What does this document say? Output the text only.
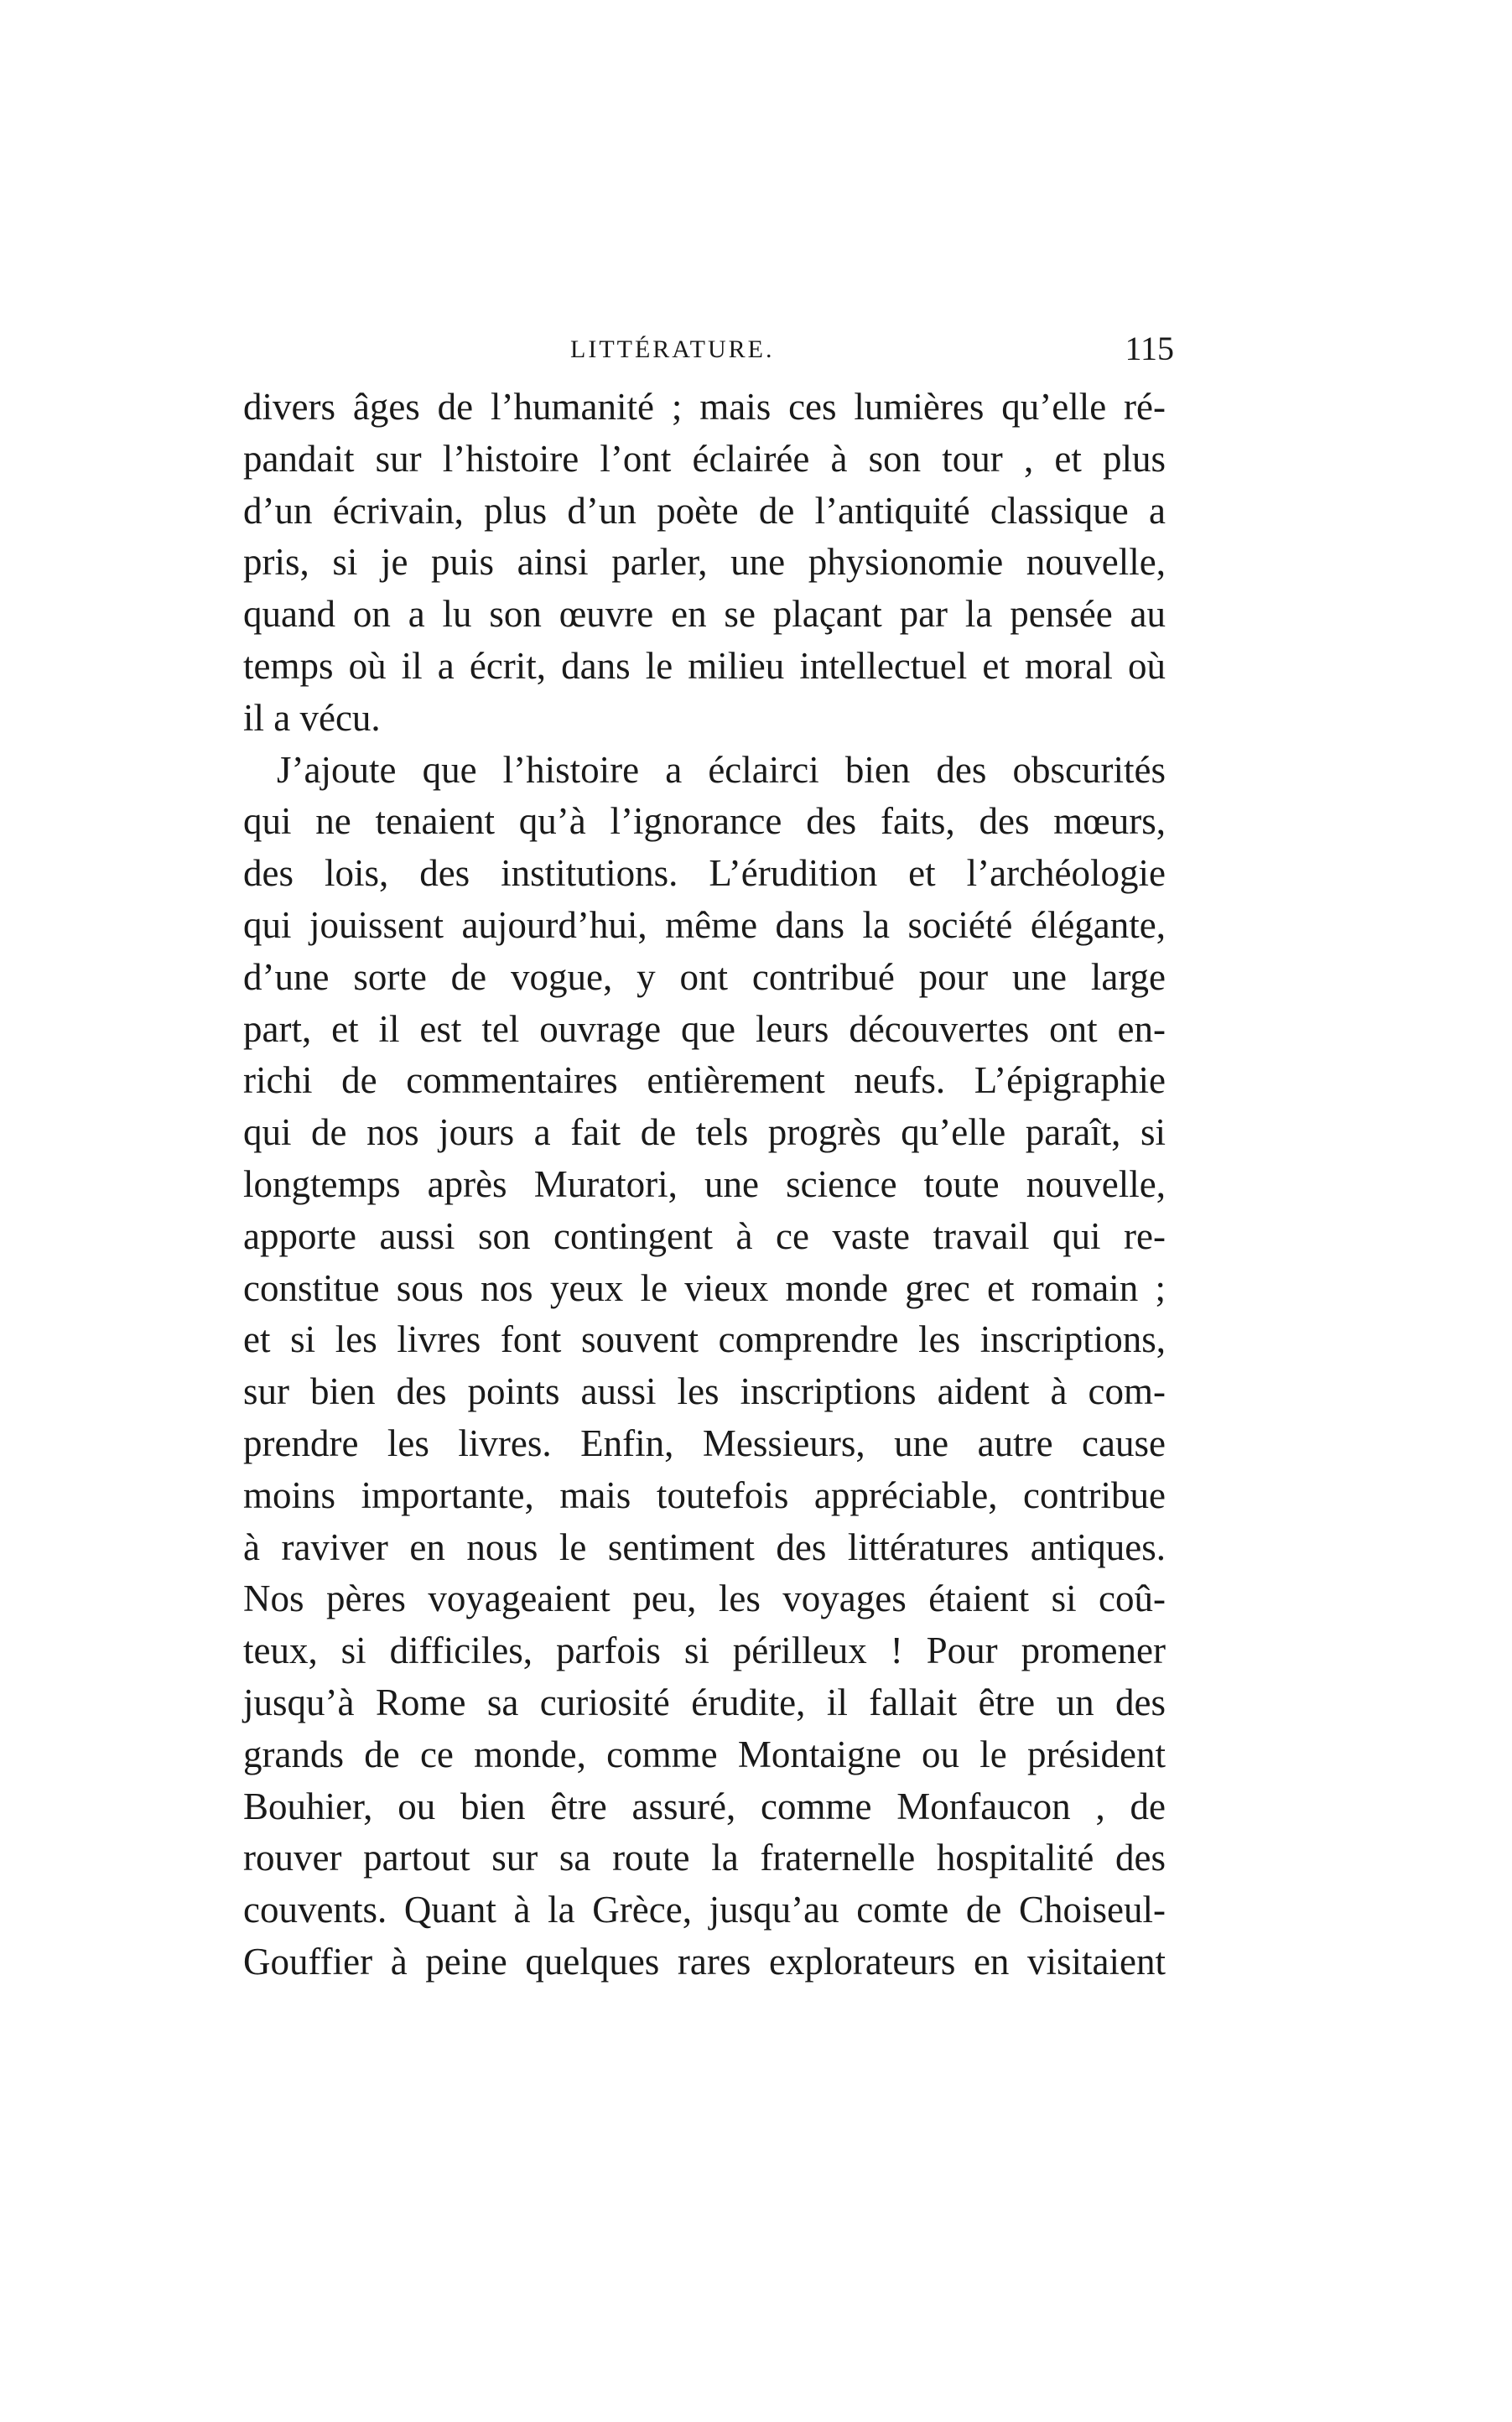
LITTÉRATURE.	115
divers âges de l’humanité ; mais ces lumières qu’elle ré-
pandait sur l’histoire l’ont éclairée à son tour , et plus
d’un écrivain, plus d’un poète de l’antiquité classique a
pris, si je puis ainsi parler, une physionomie nouvelle,
quand on a lu son œuvre en se plaçant par la pensée au
temps où il a écrit, dans le milieu intellectuel et moral où
il a vécu.
J’ajoute que l’histoire a éclairci bien des obscurités
qui ne tenaient qu’à l’ignorance des faits, des mœurs,
des lois, des institutions. L’érudition et l’archéologie
qui jouissent aujourd’hui, même dans la société élégante,
d’une sorte de vogue, y ont contribué pour une large
part, et il est tel ouvrage que leurs découvertes ont en-
richi de commentaires entièrement neufs. L’épigraphie
qui de nos jours a fait de tels progrès qu’elle paraît, si
longtemps après Muratori, une science toute nouvelle,
apporte aussi son contingent à ce vaste travail qui re-
constitue sous nos yeux le vieux monde grec et romain ;
et si les livres font souvent comprendre les inscriptions,
sur bien des points aussi les inscriptions aident à com-
prendre les livres. Enfin, Messieurs, une autre cause
moins importante, mais toutefois appréciable, contribue
à raviver en nous le sentiment des littératures antiques.
Nos pères voyageaient peu, les voyages étaient si coû-
teux, si difficiles, parfois si périlleux ! Pour promener
jusqu’à Rome sa curiosité érudite, il fallait être un des
grands de ce monde, comme Montaigne ou le président
Bouhier, ou bien être assuré, comme Monfaucon , de
rouver partout sur sa route la fraternelle hospitalité des
couvents. Quant à la Grèce, jusqu’au comte de Choiseul-
Gouffier à peine quelques rares explorateurs en visitaient
